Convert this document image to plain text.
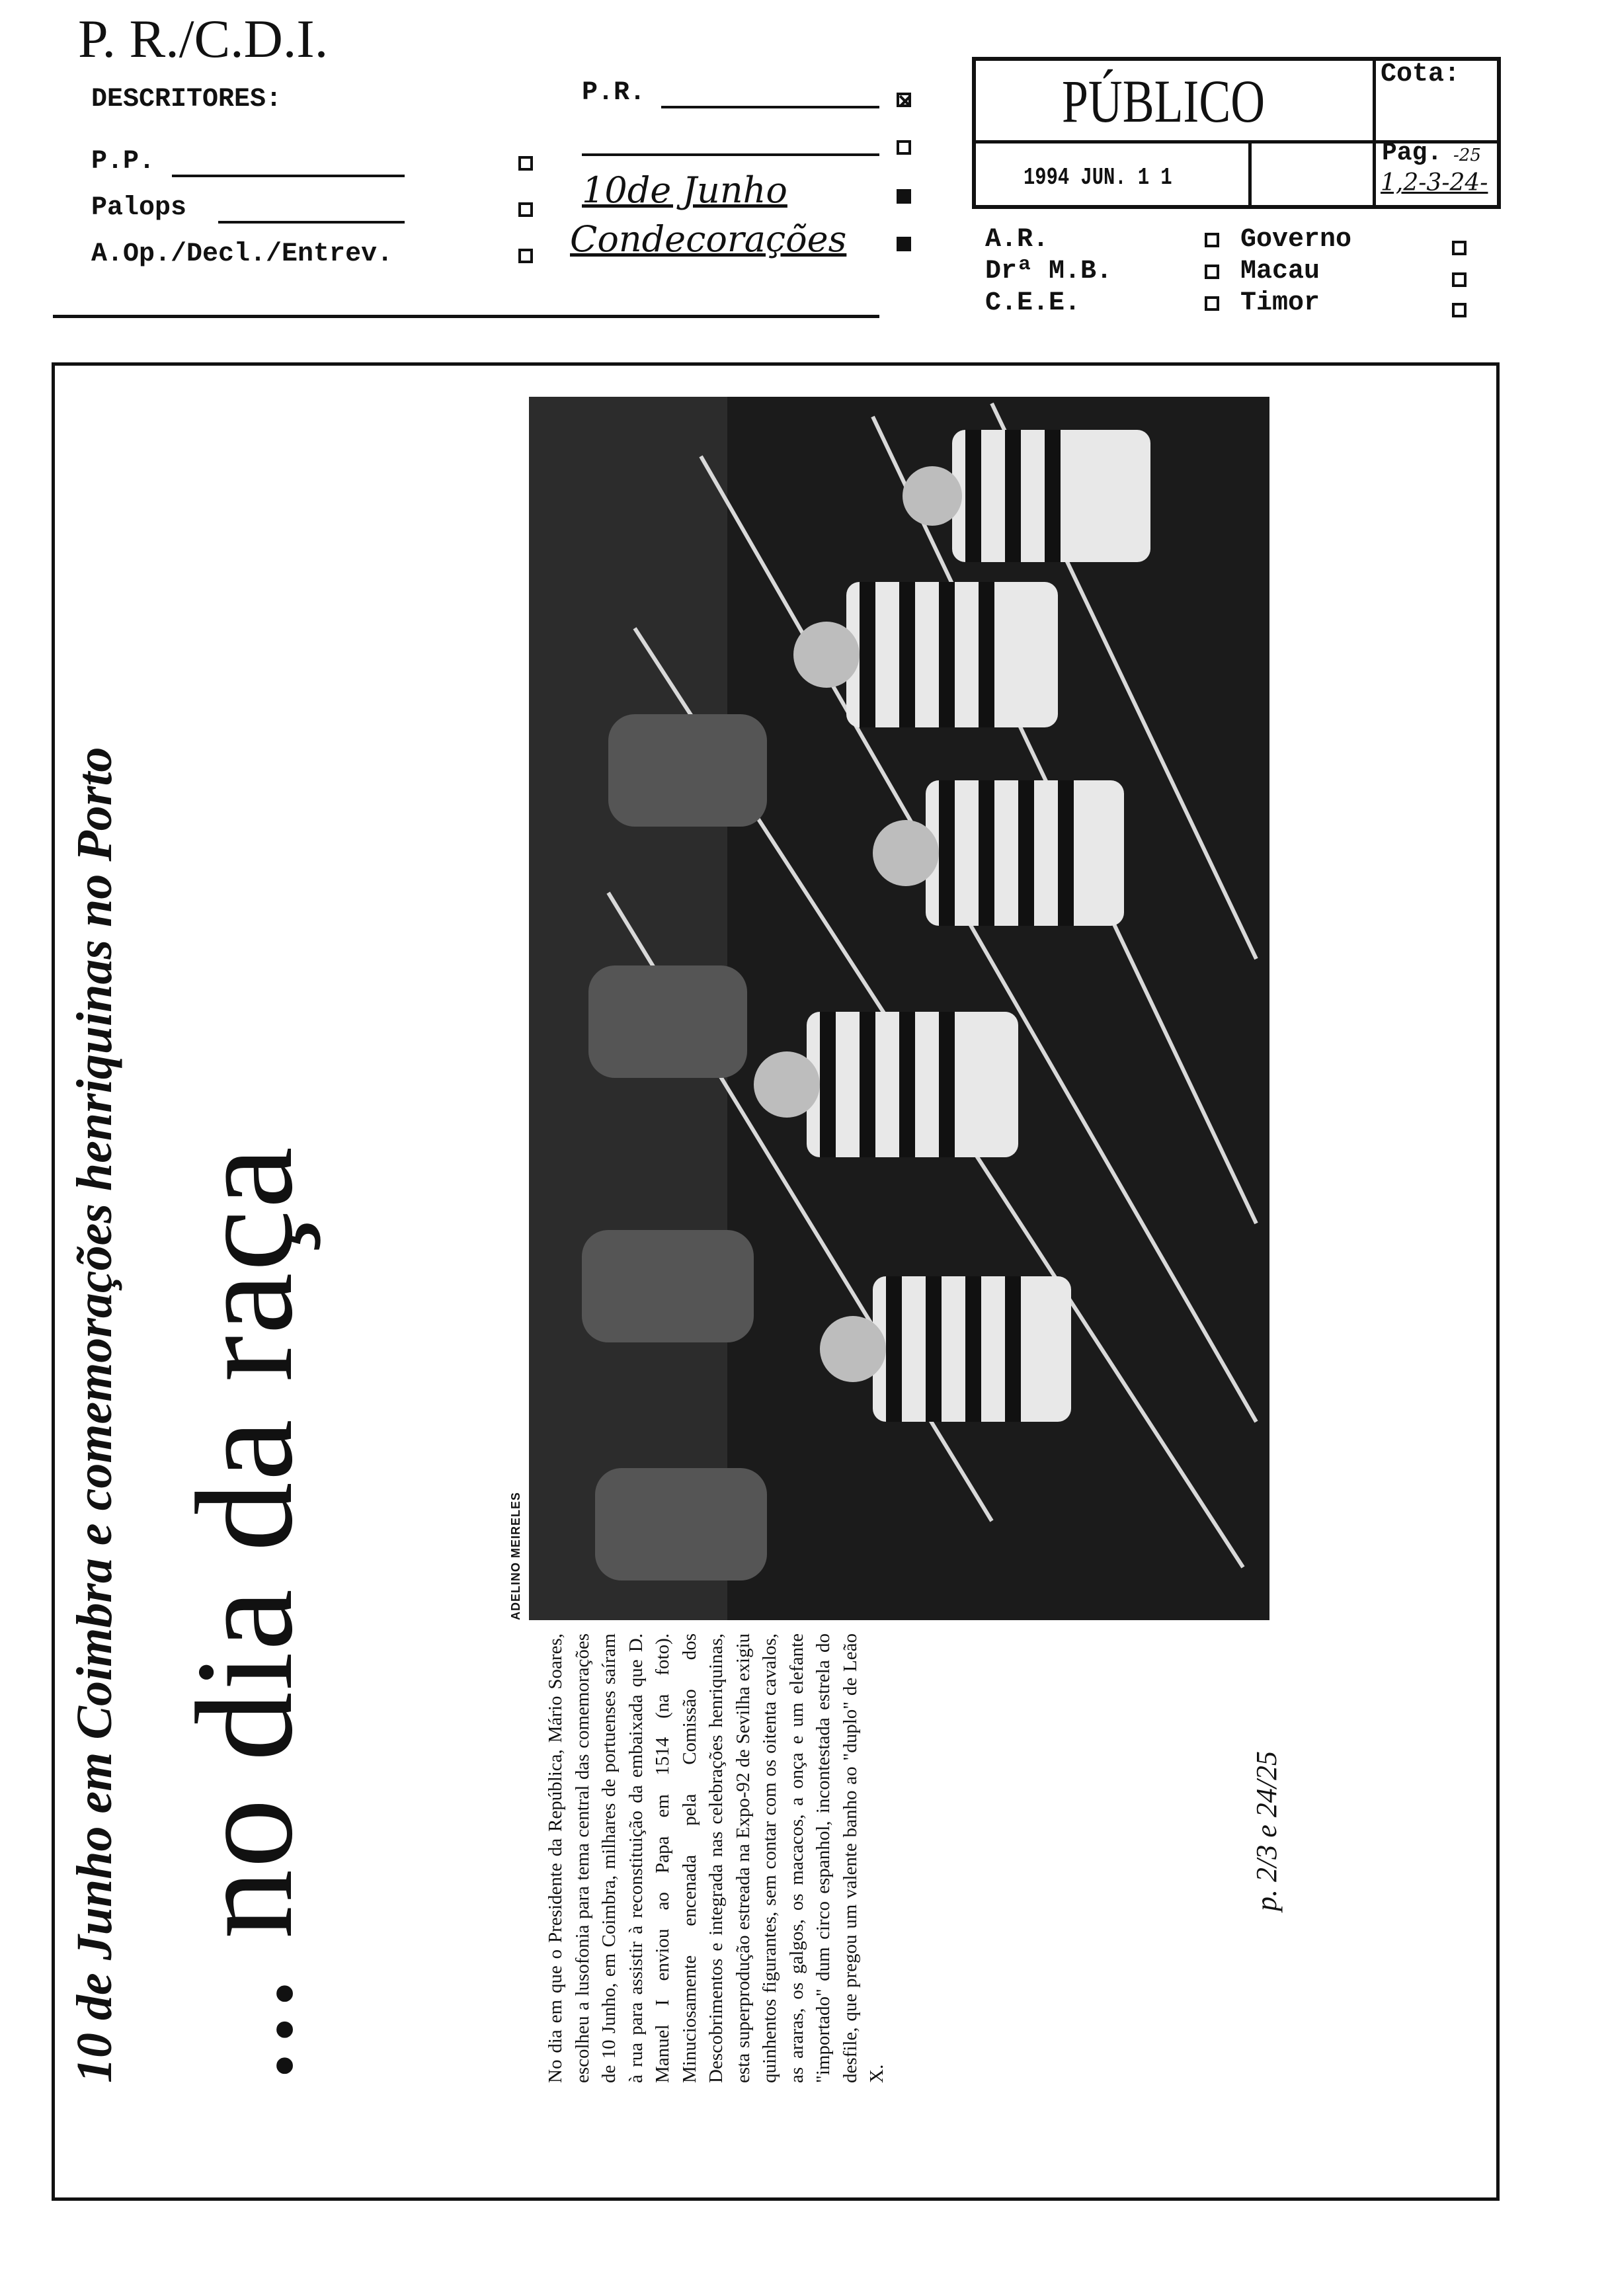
P. R./C.D.I.
DESCRITORES:
P.P.
Palops
A.Op./Decl./Entrev.
P.R.
10de Junho
Condecorações
PÚBLICO	Cota:
1994 JUN. 1 1
Pag. -25
1,2-3-24-
A.R.
Drª M.B.
C.E.E.
Governo
Macau
Timor
10 de Junho em Coimbra e comemorações henriquinas no Porto ... no dia da raça	ADELINO MEIRELES
No dia em que o Presidente da República, Mário Soares, escolheu a lusofonia para tema central das comemorações de 10 Junho, em Coimbra, milhares de portuenses saíram à rua para assistir à reconstituição da embaixada que D. Manuel I enviou ao Papa em 1514 (na foto). Minuciosamente encenada pela Comissão dos Descobrimentos e integrada nas celebrações henriquinas, esta superprodução estreada na Expo-92 de Sevilha exigiu quinhentos figurantes, sem contar com os oitenta cavalos, as araras, os galgos, os macacos, a onça e um elefante "importado" dum circo espanhol, incontestada estrela do desfile, que pregou um valente banho ao "duplo" de Leão X.
p. 2/3 e 24/25
